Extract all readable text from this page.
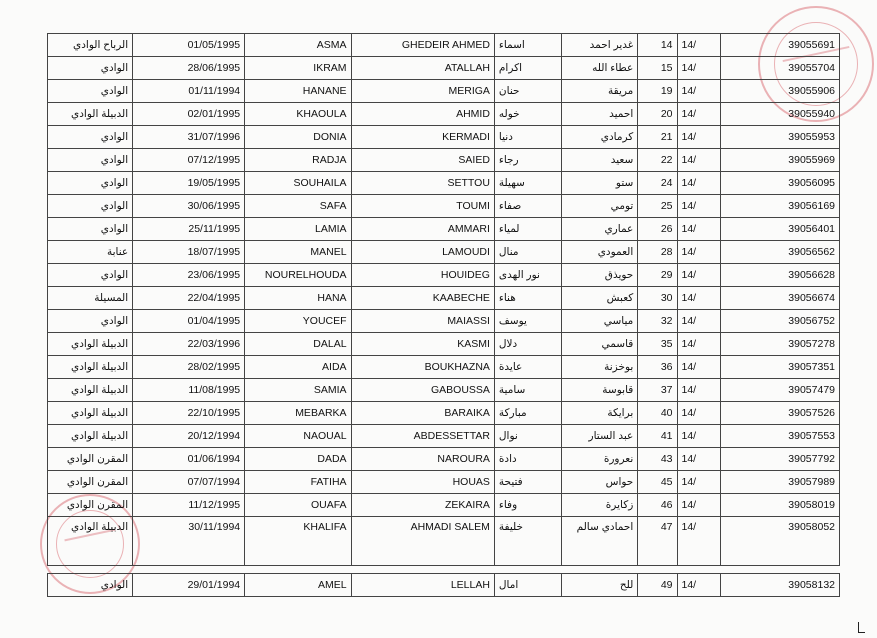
الرباح الوادي	01/05/1995	ASMA	GHEDEIR AHMED	اسماء	غدير احمد	14	14/	39055691
الوادي	28/06/1995	IKRAM	ATALLAH	اكرام	عطاء الله	15	14/	39055704
الوادي	01/11/1994	HANANE	MERIGA	حنان	مريقة	19	14/	39055906
الدبيلة الوادي	02/01/1995	KHAOULA	AHMID	خوله	احميد	20	14/	39055940
الوادي	31/07/1996	DONIA	KERMADI	دنيا	كرمادي	21	14/	39055953
الوادي	07/12/1995	RADJA	SAIED	رجاء	سعيد	22	14/	39055969
الوادي	19/05/1995	SOUHAILA	SETTOU	سهيلة	ستو	24	14/	39056095
الوادي	30/06/1995	SAFA	TOUMI	صفاء	تومي	25	14/	39056169
الوادي	25/11/1995	LAMIA	AMMARI	لمياء	عماري	26	14/	39056401
عنابة	18/07/1995	MANEL	LAMOUDI	منال	العمودي	28	14/	39056562
الوادي	23/06/1995	NOURELHOUDA	HOUIDEG	نور الهدى	حويذق	29	14/	39056628
المسيلة	22/04/1995	HANA	KAABECHE	هناء	كعبش	30	14/	39056674
الوادي	01/04/1995	YOUCEF	MAIASSI	يوسف	مياسي	32	14/	39056752
الدبيلة الوادي	22/03/1996	DALAL	KASMI	دلال	قاسمي	35	14/	39057278
الدبيلة الوادي	28/02/1995	AIDA	BOUKHAZNA	عايدة	بوخزنة	36	14/	39057351
الدبيلة الوادي	11/08/1995	SAMIA	GABOUSSA	سامية	قابوسة	37	14/	39057479
الدبيلة الوادي	22/10/1995	MEBARKA	BARAIKA	مباركة	برايكة	40	14/	39057526
الدبيلة الوادي	20/12/1994	NAOUAL	ABDESSETTAR	نوال	عبد الستار	41	14/	39057553
المقرن الوادي	01/06/1994	DADA	NAROURA	دادة	نعرورة	43	14/	39057792
المقرن الوادي	07/07/1994	FATIHA	HOUAS	فتيحة	حواس	45	14/	39057989
المقرن الوادي	11/12/1995	OUAFA	ZEKAIRA	وفاء	زكايرة	46	14/	39058019
الدبيلة الوادي	30/11/1994	KHALIFA	AHMADI SALEM	خليفة	احمادي سالم	47	14/	39058052

الوادي	29/01/1994	AMEL	LELLAH	امال	للح	49	14/	39058132
